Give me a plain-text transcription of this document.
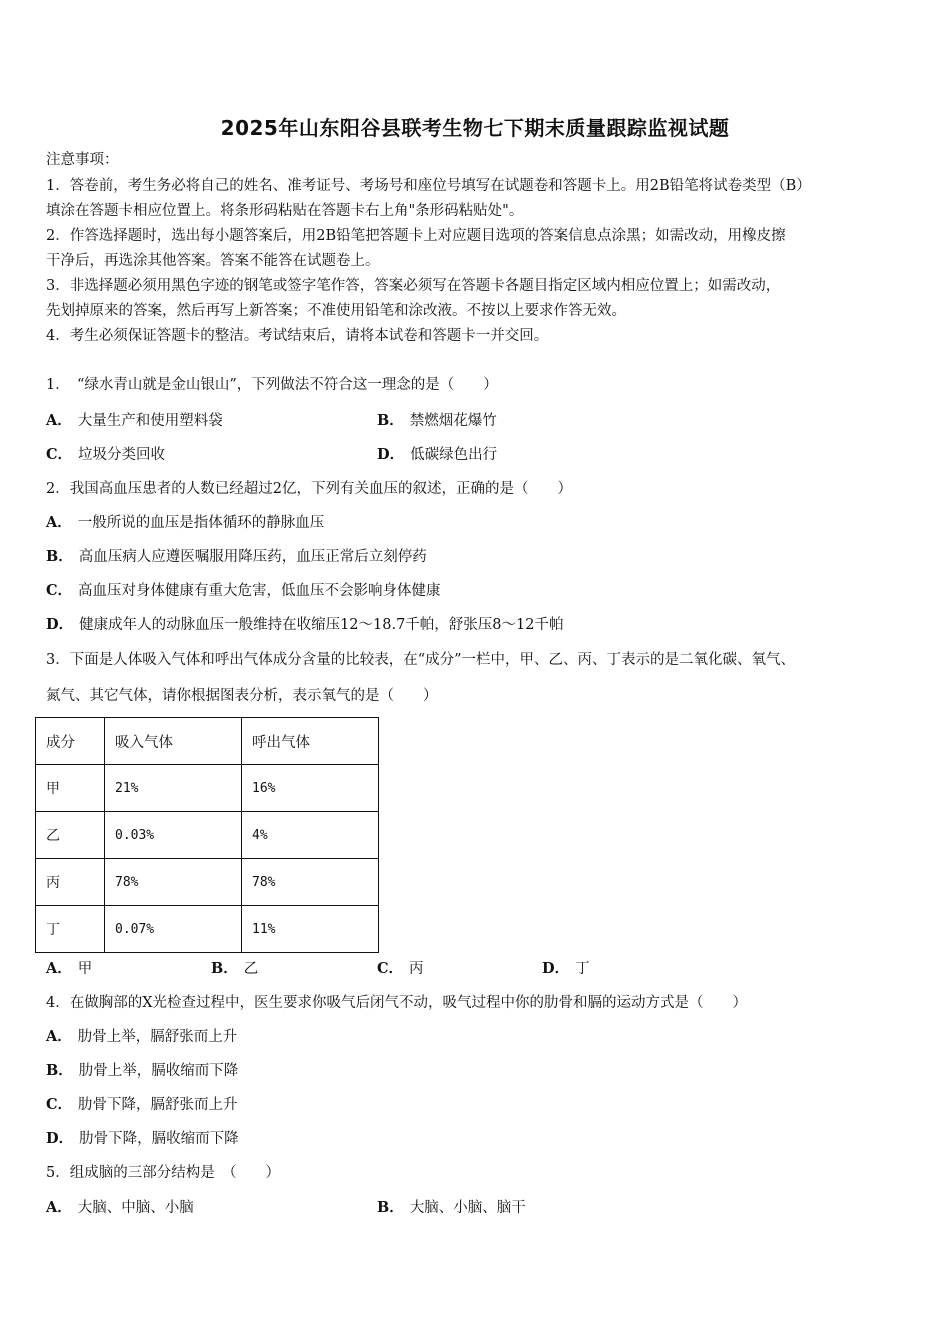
2025年山东阳谷县联考生物七下期末质量跟踪监视试题
注意事项：
1．答卷前，考生务必将自己的姓名、准考证号、考场号和座位号填写在试题卷和答题卡上。用2B铅笔将试卷类型（B）
填涂在答题卡相应位置上。将条形码粘贴在答题卡右上角"条形码粘贴处"。
2．作答选择题时，选出每小题答案后，用2B铅笔把答题卡上对应题目选项的答案信息点涂黑；如需改动，用橡皮擦
干净后，再选涂其他答案。答案不能答在试题卷上。
3．非选择题必须用黑色字迹的钢笔或签字笔作答，答案必须写在答题卡各题目指定区域内相应位置上；如需改动，
先划掉原来的答案，然后再写上新答案；不准使用铅笔和涂改液。不按以上要求作答无效。
4．考生必须保证答题卡的整洁。考试结束后，请将本试卷和答题卡一并交回。
1．　“绿水青山就是金山银山”，下列做法不符合这一理念的是（　　）
A． 大量生产和使用塑料袋	B． 禁燃烟花爆竹
C． 垃圾分类回收	D． 低碳绿色出行
2．我国高血压患者的人数已经超过2亿，下列有关血压的叙述，正确的是（　　）
A． 一般所说的血压是指体循环的静脉血压
B． 高血压病人应遵医嘱服用降压药，血压正常后立刻停药
C． 高血压对身体健康有重大危害，低血压不会影响身体健康
D． 健康成年人的动脉血压一般维持在收缩压12～18.7千帕，舒张压8～12千帕
3．下面是人体吸入气体和呼出气体成分含量的比较表，在“成分”一栏中，甲、乙、丙、丁表示的是二氧化碳、氧气、
氮气、其它气体，请你根据图表分析，表示氧气的是（　　）
成分	吸入气体	呼出气体
甲	21%	16%
乙	0.03%	4%
丙	78%	78%
丁	0.07%	11%
A． 甲	B． 乙	C． 丙	D． 丁
4．在做胸部的X光检查过程中，医生要求你吸气后闭气不动，吸气过程中你的肋骨和膈的运动方式是（　　）
A． 肋骨上举，膈舒张而上升
B． 肋骨上举，膈收缩而下降
C． 肋骨下降，膈舒张而上升
D． 肋骨下降，膈收缩而下降
5．组成脑的三部分结构是　（　　）
A． 大脑、中脑、小脑	B． 大脑、小脑、脑干
